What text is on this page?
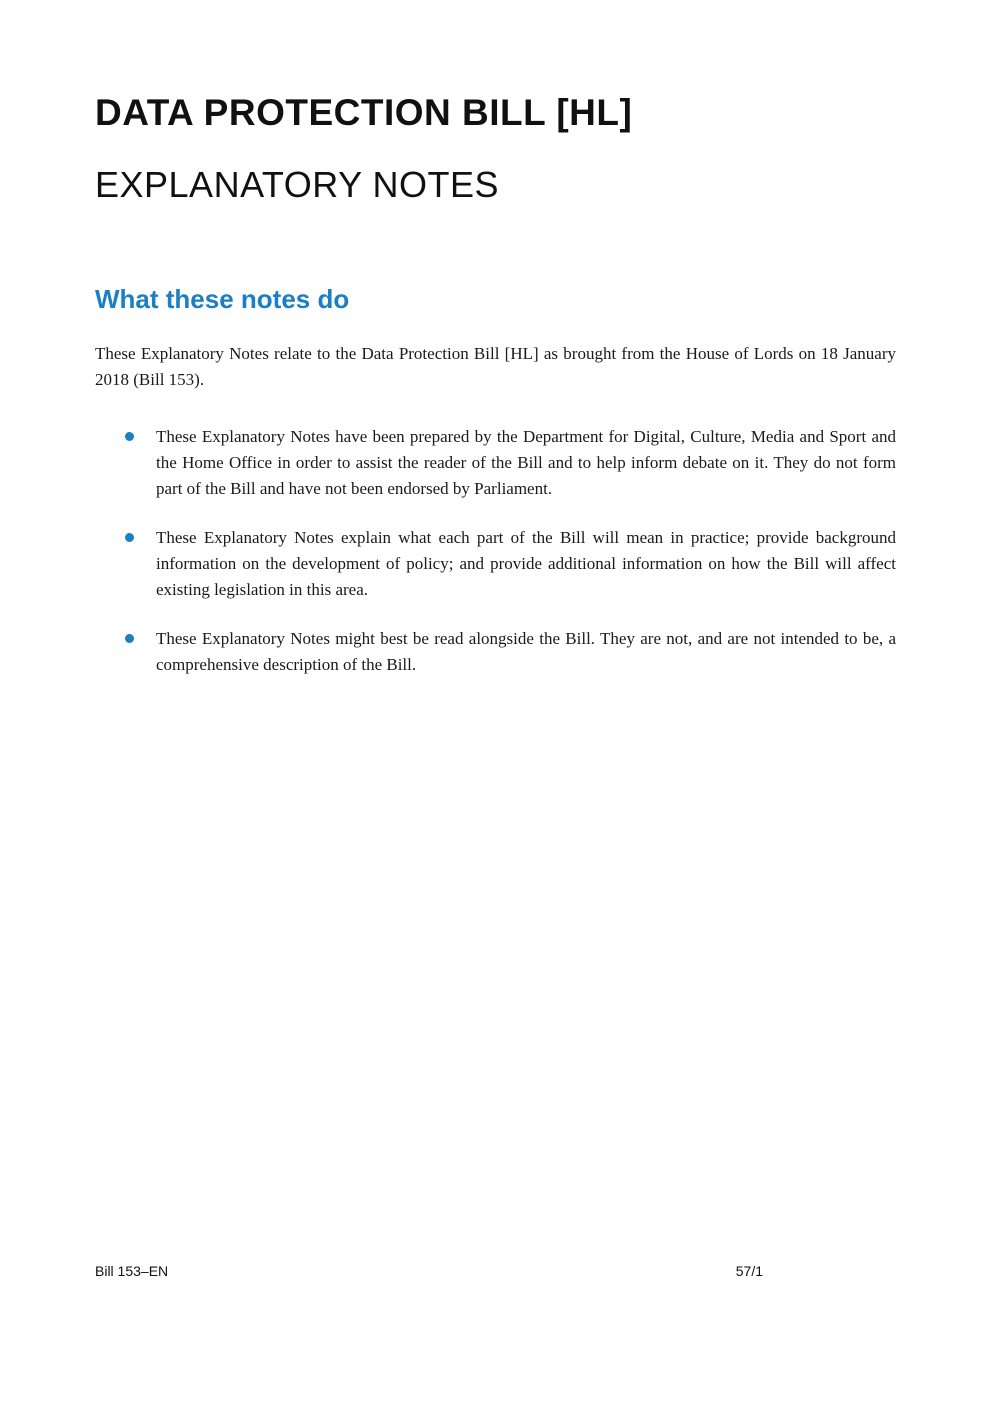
DATA PROTECTION BILL [HL]
EXPLANATORY NOTES
What these notes do

These Explanatory Notes relate to the Data Protection Bill [HL] as brought from the House of Lords on 18 January 2018 (Bill 153).

These Explanatory Notes have been prepared by the Department for Digital, Culture, Media and Sport and the Home Office in order to assist the reader of the Bill and to help inform debate on it. They do not form part of the Bill and have not been endorsed by Parliament.

These Explanatory Notes explain what each part of the Bill will mean in practice; provide background information on the development of policy; and provide additional information on how the Bill will affect existing legislation in this area.

These Explanatory Notes might best be read alongside the Bill. They are not, and are not intended to be, a comprehensive description of the Bill.

Bill 153–EN	57/1
